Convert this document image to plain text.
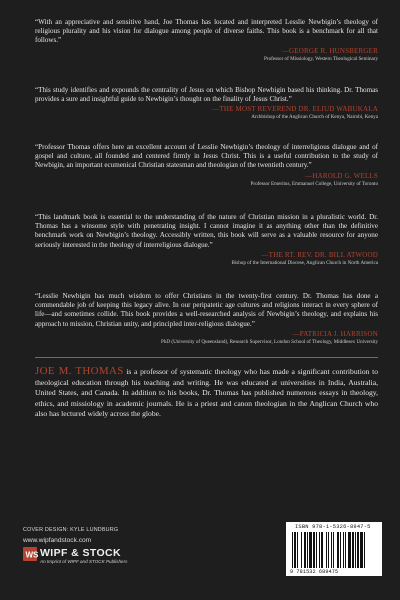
“With an appreciative and sensitive hand, Joe Thomas has located and interpreted Lesslie Newbigin’s theology of religious plurality and his vision for dialogue among people of diverse faiths. This book is a benchmark for all that follows.”
—GEORGE R. HUNSBERGER
Professor of Missiology, Western Theological Seminary
“This study identifies and expounds the centrality of Jesus on which Bishop Newbigin based his thinking. Dr. Thomas provides a sure and insightful guide to Newbigin’s thought on the finality of Jesus Christ.”
—THE MOST REVEREND DR. ELIUD WABUKALA
Archbishop of the Anglican Church of Kenya, Nairobi, Kenya
“Professor Thomas offers here an excellent account of Lesslie Newbigin’s theology of interreligious dialogue and of gospel and culture, all founded and centered firmly in Jesus Christ. This is a useful contribution to the study of Newbigin, an important ecumenical Christian statesman and theologian of the twentieth century.”
—HAROLD G. WELLS
Professor Emeritus, Emmanuel College, University of Toronto
“This landmark book is essential to the understanding of the nature of Christian mission in a pluralistic world. Dr. Thomas has a winsome style with penetrating insight. I cannot imagine it as anything other than the definitive benchmark work on Newbigin’s theology. Accessibly written, this book will serve as a valuable resource for anyone seriously interested in the theology of interreligious dialogue.”
—THE RT. REV. DR. BILL ATWOOD
Bishop of the International Diocese, Anglican Church in North America
“Lesslie Newbigin has much wisdom to offer Christians in the twenty-first century. Dr. Thomas has done a commendable job of keeping this legacy alive. In our peripatetic age cultures and religions interact in every sphere of life—and sometimes collide. This book provides a well-researched analysis of Newbigin’s theology, and explains his approach to mission, Christian unity, and principled inter-religious dialogue.”
—PATRICIA J. HARRISON
PhD (University of Queensland), Research Supervisor, London School of Theology, Middlesex University
JOE M. THOMAS is a professor of systematic theology who has made a significant contribution to theological education through his teaching and writing. He was educated at universities in India, Australia, United States, and Canada. In addition to his books, Dr. Thomas has published numerous essays in theology, ethics, and missiology in academic journals. He is a priest and canon theologian in the Anglican Church who also has lectured widely across the globe.
COVER DESIGN: KYLE LUNDBURG
www.wipfandstock.com
WS WIPF & STOCK
An Imprint of WIPF and STOCK Publishers
ISBN 978-1-5326-8947-5
9 781532 689475
